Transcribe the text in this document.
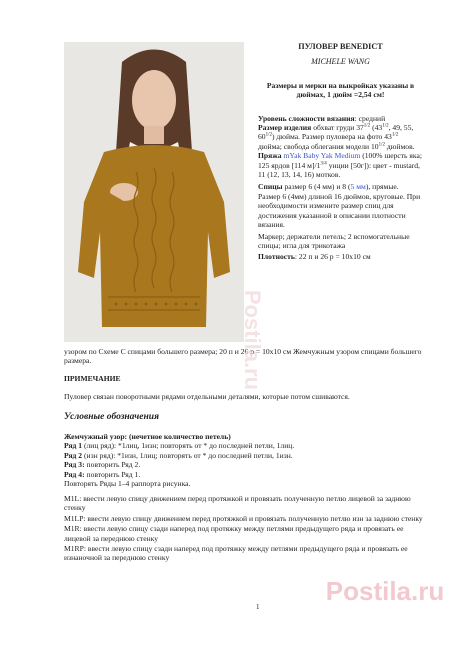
ПУЛОВЕР BENEDICT

MICHELE WANG

Размеры и мерки на выкройках указаны в дюймах, 1 дюйм =2,54 см!

Уровень сложности вязания: средний

Размер изделия обхват груди $37^{1/2}$ ($43^{1/2}$, 49, 55, $60^{1/2}$) дюйма. Размер пуловера на фото $43^{1/2}$ дюйма; свобода облегания модели $10^{1/2}$ дюймов.

Пряжа mYak Baby Yak Medium (100% шерсть яка; 125 ярдов [114 $м]/1^{3/4}$ унции [50г]): цвет - mustard, 11 (12, 13, 14, 16) мотков.

Спицы размер 6 (4 мм) и 8 (5 мм), прямые. Размер 6 (4мм) длиной 16 дюймов, круговые. При необходимости измените размер спиц для достижения указанной в описании плотности вязания.

Маркер; держатели петель; 2 вспомогательные спицы; игла для трикотажа

Плотность: 22 п и 26 р = 10х10 см

узором по Схеме С спицами большего размера; 20 п и 26 р = 10х10 см Жемчужным узором спицами большего размера.
ПРИМЕЧАНИЕ
Пуловер связан поворотными рядами отдельными деталями, которые потом сшиваются.
Условные обозначения
Жемчужный узор: (нечетное количество петель)
Ряд 1 (лиц ряд): *1лиц, 1изн; повторять от * до последней петли, 1лиц.
Ряд 2 (изн ряд): *1изн, 1лиц; повторять от * до последней петли, 1изн.
Ряд 3: повторить Ряд 2.
Ряд 4: повторить Ряд 1.
Повторять Ряды 1–4 раппорта рисунка.
M1L: ввести левую спицу движением перед протяжкой и провязать полученную петлю лицевой за заднюю стенку
M1LP: ввести левую спицу движением перед протяжкой и провязать полученную петлю изн за заднюю стенку
M1R: ввести левую спицу сзади наперед под протяжку между петлями предыдущего ряда и провязать ее лицевой за переднюю стенку
M1RP: ввести левую спицу сзади наперед под протяжку между петлями предыдущего ряда и провязать ее изнаночной за переднюю стенку
Postila.ru
Postila.ru
1
